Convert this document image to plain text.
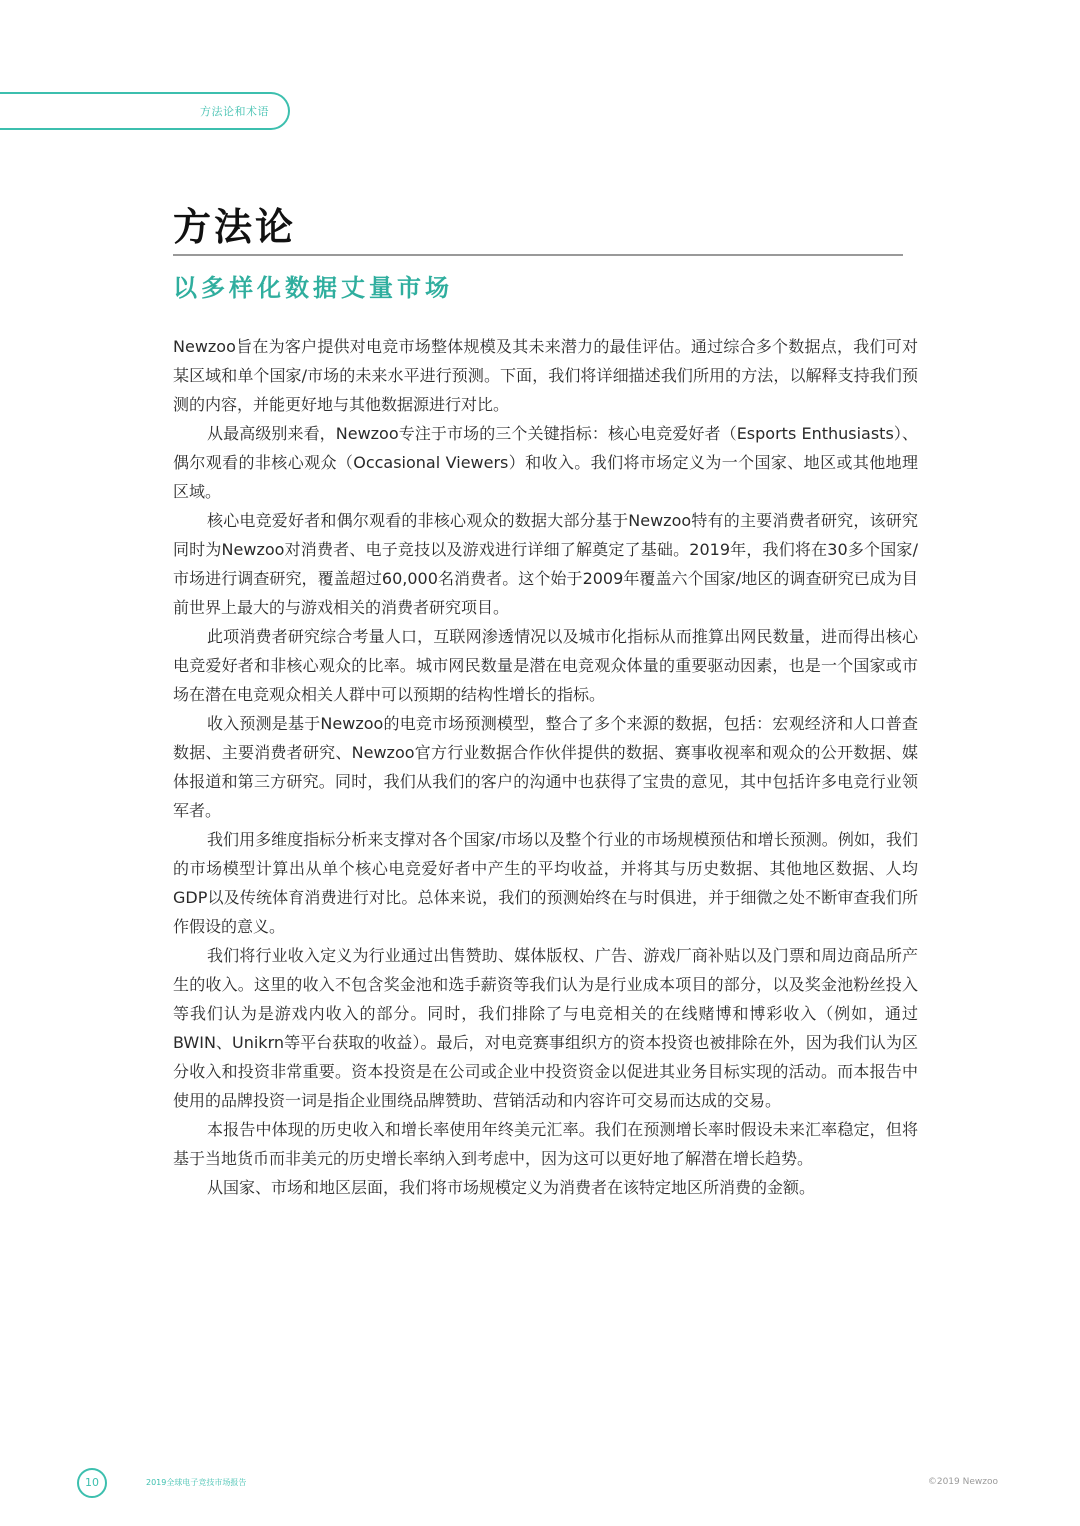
方法论和术语
方法论
以多样化数据丈量市场

Newzoo旨在为客户提供对电竞市场整体规模及其未来潜力的最佳评估。通过综合多个数据点，我们可对某区域和单个国家/市场的未来水平进行预测。下面，我们将详细描述我们所用的方法，以解释支持我们预测的内容，并能更好地与其他数据源进行对比。

从最高级别来看，Newzoo专注于市场的三个关键指标：核心电竞爱好者（Esports Enthusiasts）、偶尔观看的非核心观众（Occasional Viewers）和收入。我们将市场定义为一个国家、地区或其他地理区域。

核心电竞爱好者和偶尔观看的非核心观众的数据大部分基于Newzoo特有的主要消费者研究，该研究同时为Newzoo对消费者、电子竞技以及游戏进行详细了解奠定了基础。2019年，我们将在30多个国家/市场进行调查研究，覆盖超过60,000名消费者。这个始于2009年覆盖六个国家/地区的调查研究已成为目前世界上最大的与游戏相关的消费者研究项目。

此项消费者研究综合考量人口，互联网渗透情况以及城市化指标从而推算出网民数量，进而得出核心电竞爱好者和非核心观众的比率。城市网民数量是潜在电竞观众体量的重要驱动因素，也是一个国家或市场在潜在电竞观众相关人群中可以预期的结构性增长的指标。

收入预测是基于Newzoo的电竞市场预测模型，整合了多个来源的数据，包括：宏观经济和人口普查数据、主要消费者研究、Newzoo官方行业数据合作伙伴提供的数据、赛事收视率和观众的公开数据、媒体报道和第三方研究。同时，我们从我们的客户的沟通中也获得了宝贵的意见，其中包括许多电竞行业领军者。

我们用多维度指标分析来支撑对各个国家/市场以及整个行业的市场规模预估和增长预测。例如，我们的市场模型计算出从单个核心电竞爱好者中产生的平均收益，并将其与历史数据、其他地区数据、人均GDP以及传统体育消费进行对比。总体来说，我们的预测始终在与时俱进，并于细微之处不断审查我们所作假设的意义。

我们将行业收入定义为行业通过出售赞助、媒体版权、广告、游戏厂商补贴以及门票和周边商品所产生的收入。这里的收入不包含奖金池和选手薪资等我们认为是行业成本项目的部分，以及奖金池粉丝投入等我们认为是游戏内收入的部分。同时，我们排除了与电竞相关的在线赌博和博彩收入（例如，通过BWIN、Unikrn等平台获取的收益）。最后，对电竞赛事组织方的资本投资也被排除在外，因为我们认为区分收入和投资非常重要。资本投资是在公司或企业中投资资金以促进其业务目标实现的活动。而本报告中使用的品牌投资一词是指企业围绕品牌赞助、营销活动和内容许可交易而达成的交易。

本报告中体现的历史收入和增长率使用年终美元汇率。我们在预测增长率时假设未来汇率稳定，但将基于当地货币而非美元的历史增长率纳入到考虑中，因为这可以更好地了解潜在增长趋势。

从国家、市场和地区层面，我们将市场规模定义为消费者在该特定地区所消费的金额。

10	2019全球电子竞技市场报告	©2019 Newzoo
